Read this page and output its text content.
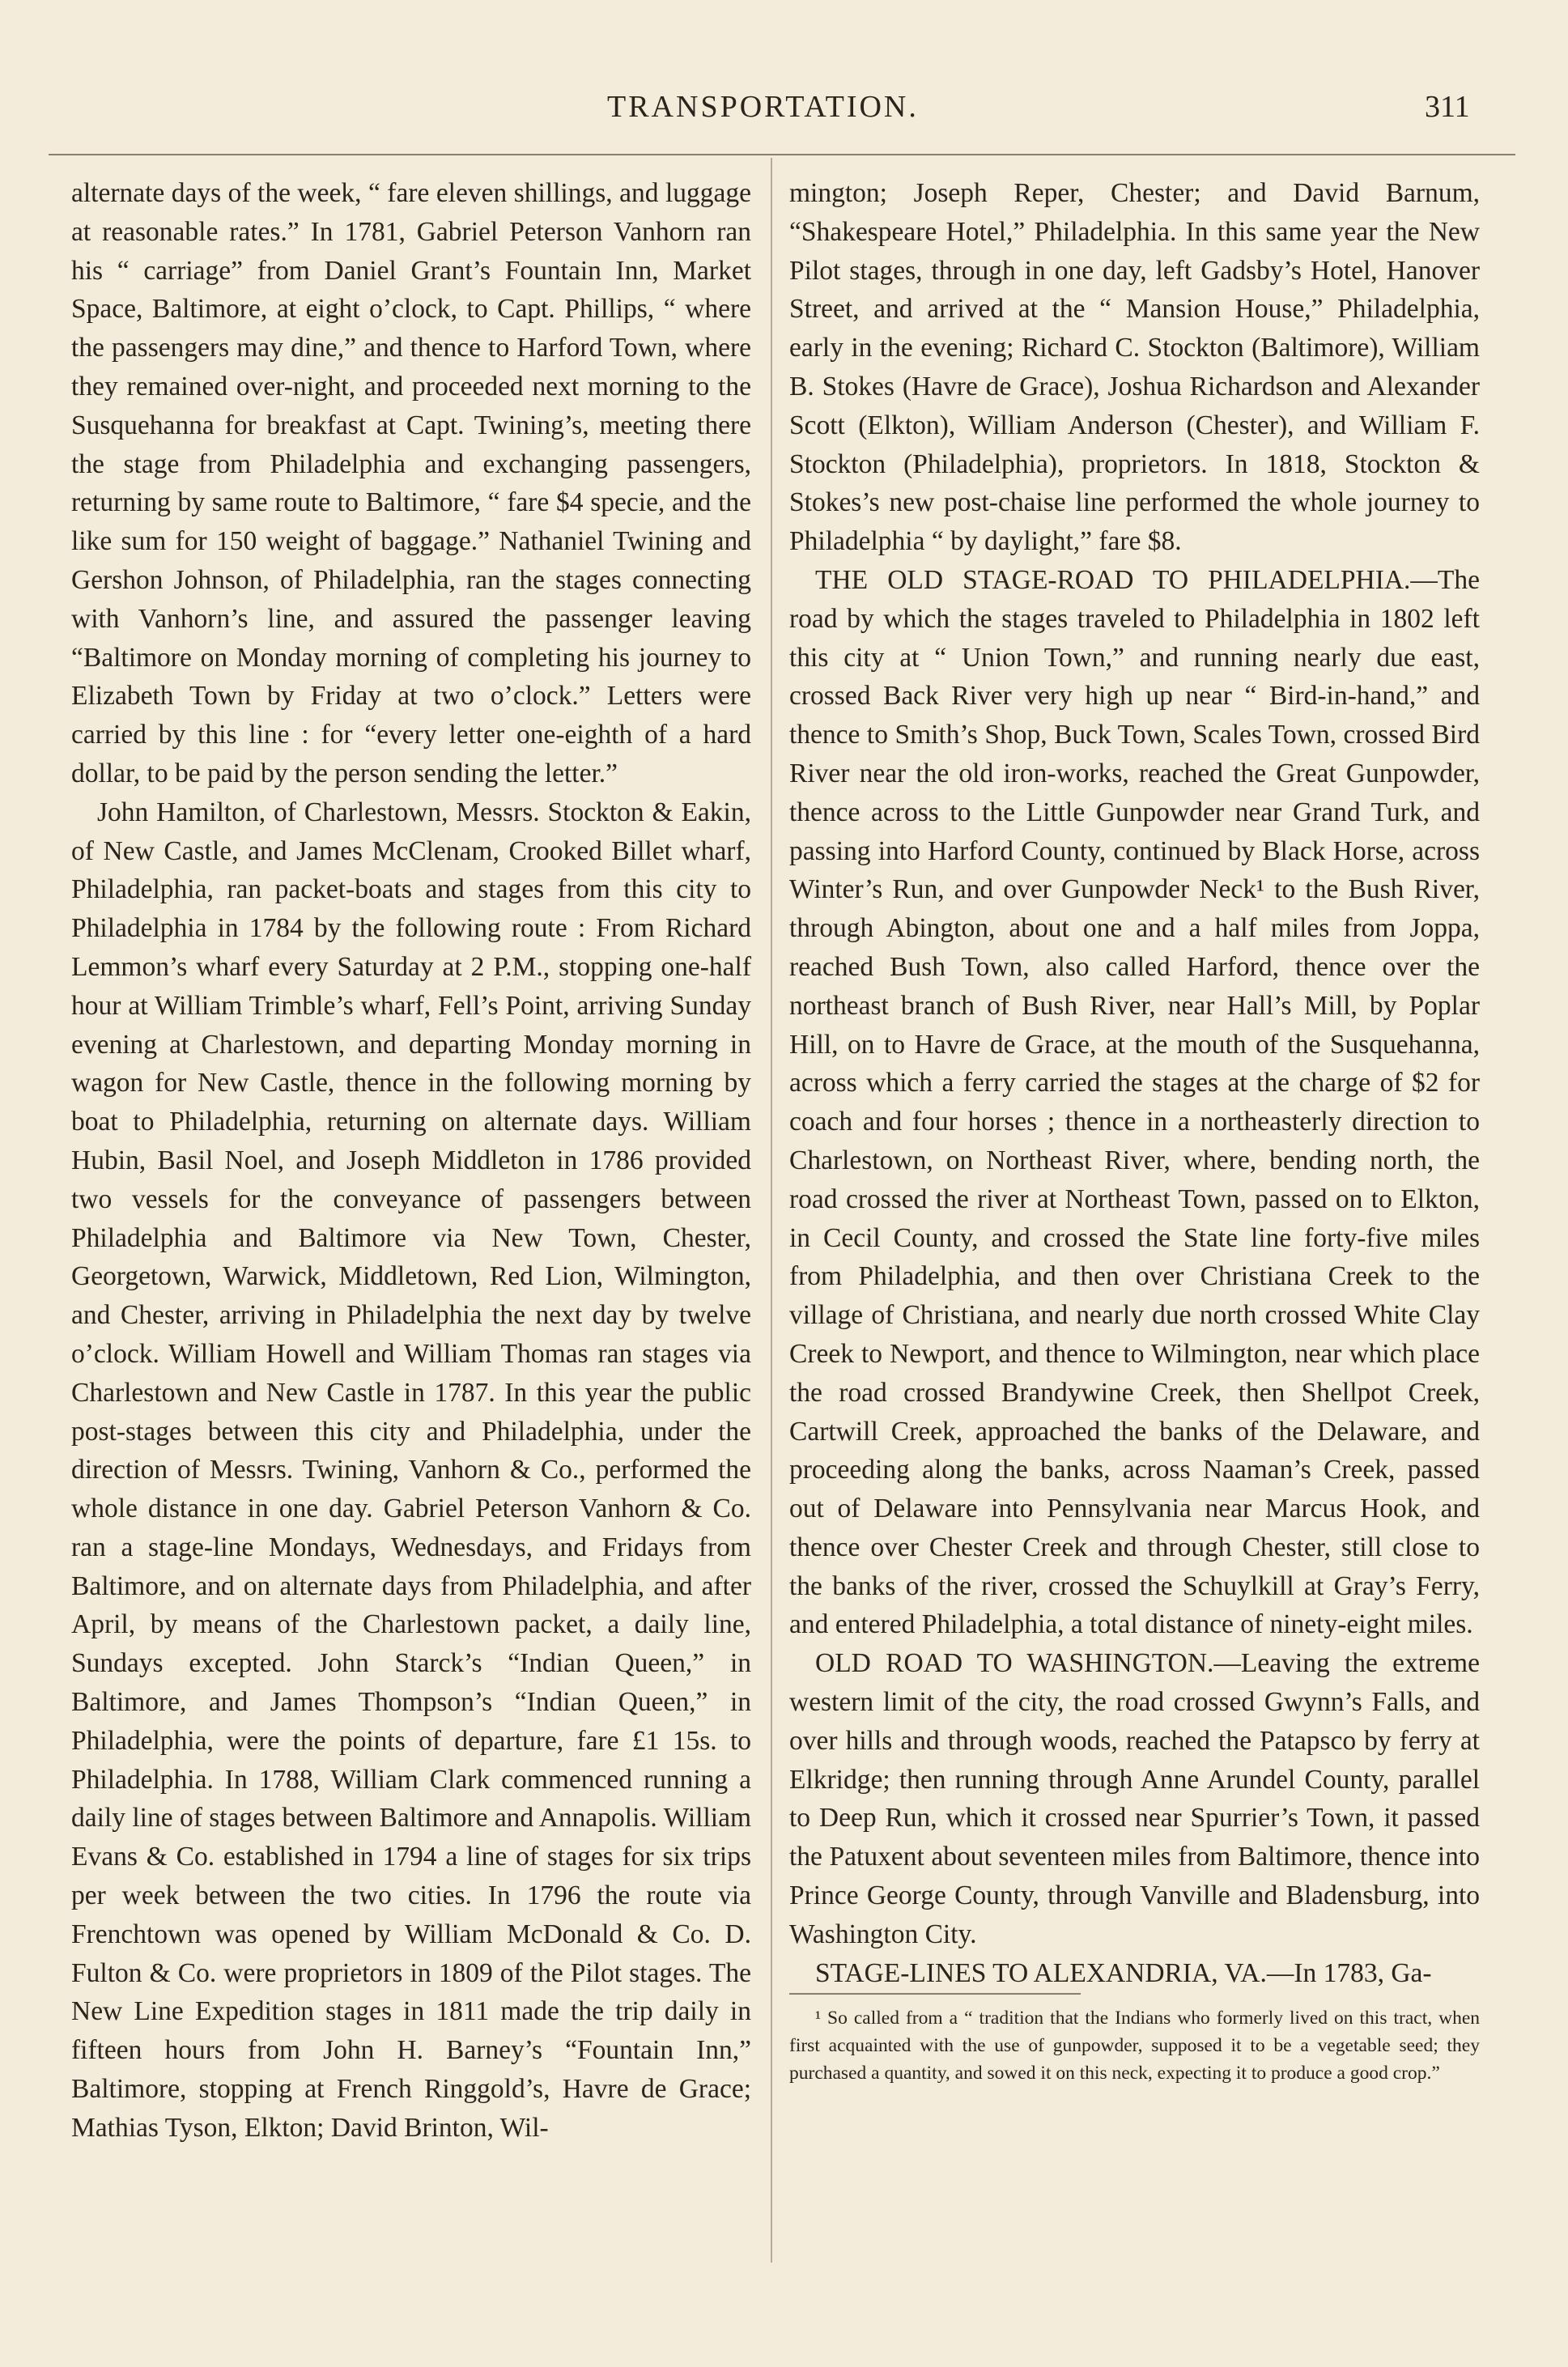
TRANSPORTATION.	311

alternate days of the week, “ fare eleven shillings, and luggage at reasonable rates.” In 1781, Gabriel Peterson Vanhorn ran his “ carriage” from Daniel Grant’s Fountain Inn, Market Space, Baltimore, at eight o’clock, to Capt. Phillips, “ where the passengers may dine,” and thence to Harford Town, where they remained over-night, and proceeded next morning to the Susquehanna for breakfast at Capt. Twining’s, meeting there the stage from Philadelphia and exchanging passengers, returning by same route to Baltimore, “ fare $4 specie, and the like sum for 150 weight of baggage.” Nathaniel Twining and Gershon Johnson, of Philadelphia, ran the stages connecting with Vanhorn’s line, and assured the passenger leaving “Baltimore on Monday morning of completing his journey to Elizabeth Town by Friday at two o’clock.” Letters were carried by this line : for “every letter one-eighth of a hard dollar, to be paid by the person sending the letter.”

John Hamilton, of Charlestown, Messrs. Stockton & Eakin, of New Castle, and James McClenam, Crooked Billet wharf, Philadelphia, ran packet-boats and stages from this city to Philadelphia in 1784 by the following route : From Richard Lemmon’s wharf every Saturday at 2 P.M., stopping one-half hour at William Trimble’s wharf, Fell’s Point, arriving Sunday evening at Charlestown, and departing Monday morning in wagon for New Castle, thence in the following morning by boat to Philadelphia, returning on alternate days. William Hubin, Basil Noel, and Joseph Middleton in 1786 provided two vessels for the conveyance of passengers between Philadelphia and Baltimore via New Town, Chester, Georgetown, Warwick, Middletown, Red Lion, Wilmington, and Chester, arriving in Philadelphia the next day by twelve o’clock. William Howell and William Thomas ran stages via Charlestown and New Castle in 1787. In this year the public post-stages between this city and Philadelphia, under the direction of Messrs. Twining, Vanhorn & Co., performed the whole distance in one day. Gabriel Peterson Vanhorn & Co. ran a stage-line Mondays, Wednesdays, and Fridays from Baltimore, and on alternate days from Philadelphia, and after April, by means of the Charlestown packet, a daily line, Sundays excepted. John Starck’s “Indian Queen,” in Baltimore, and James Thompson’s “Indian Queen,” in Philadelphia, were the points of departure, fare £1 15s. to Philadelphia. In 1788, William Clark commenced running a daily line of stages between Baltimore and Annapolis. William Evans & Co. established in 1794 a line of stages for six trips per week between the two cities. In 1796 the route via Frenchtown was opened by William McDonald & Co. D. Fulton & Co. were proprietors in 1809 of the Pilot stages. The New Line Expedition stages in 1811 made the trip daily in fifteen hours from John H. Barney’s “Fountain Inn,” Baltimore, stopping at French Ringgold’s, Havre de Grace; Mathias Tyson, Elkton; David Brinton, Wil-

mington; Joseph Reper, Chester; and David Barnum, “Shakespeare Hotel,” Philadelphia. In this same year the New Pilot stages, through in one day, left Gadsby’s Hotel, Hanover Street, and arrived at the “ Mansion House,” Philadelphia, early in the evening; Richard C. Stockton (Baltimore), William B. Stokes (Havre de Grace), Joshua Richardson and Alexander Scott (Elkton), William Anderson (Chester), and William F. Stockton (Philadelphia), proprietors. In 1818, Stockton & Stokes’s new post-chaise line performed the whole journey to Philadelphia “ by daylight,” fare $8.

THE OLD STAGE-ROAD TO PHILADELPHIA.—The road by which the stages traveled to Philadelphia in 1802 left this city at “ Union Town,” and running nearly due east, crossed Back River very high up near “ Bird-in-hand,” and thence to Smith’s Shop, Buck Town, Scales Town, crossed Bird River near the old iron-works, reached the Great Gunpowder, thence across to the Little Gunpowder near Grand Turk, and passing into Harford County, continued by Black Horse, across Winter’s Run, and over Gunpowder Neck¹ to the Bush River, through Abington, about one and a half miles from Joppa, reached Bush Town, also called Harford, thence over the northeast branch of Bush River, near Hall’s Mill, by Poplar Hill, on to Havre de Grace, at the mouth of the Susquehanna, across which a ferry carried the stages at the charge of $2 for coach and four horses ; thence in a northeasterly direction to Charlestown, on Northeast River, where, bending north, the road crossed the river at Northeast Town, passed on to Elkton, in Cecil County, and crossed the State line forty-five miles from Philadelphia, and then over Christiana Creek to the village of Christiana, and nearly due north crossed White Clay Creek to Newport, and thence to Wilmington, near which place the road crossed Brandywine Creek, then Shellpot Creek, Cartwill Creek, approached the banks of the Delaware, and proceeding along the banks, across Naaman’s Creek, passed out of Delaware into Pennsylvania near Marcus Hook, and thence over Chester Creek and through Chester, still close to the banks of the river, crossed the Schuylkill at Gray’s Ferry, and entered Philadelphia, a total distance of ninety-eight miles.

OLD ROAD TO WASHINGTON.—Leaving the extreme western limit of the city, the road crossed Gwynn’s Falls, and over hills and through woods, reached the Patapsco by ferry at Elkridge; then running through Anne Arundel County, parallel to Deep Run, which it crossed near Spurrier’s Town, it passed the Patuxent about seventeen miles from Baltimore, thence into Prince George County, through Vanville and Bladensburg, into Washington City.

STAGE-LINES TO ALEXANDRIA, VA.—In 1783, Ga-

¹ So called from a “ tradition that the Indians who formerly lived on this tract, when first acquainted with the use of gunpowder, supposed it to be a vegetable seed; they purchased a quantity, and sowed it on this neck, expecting it to produce a good crop.”
